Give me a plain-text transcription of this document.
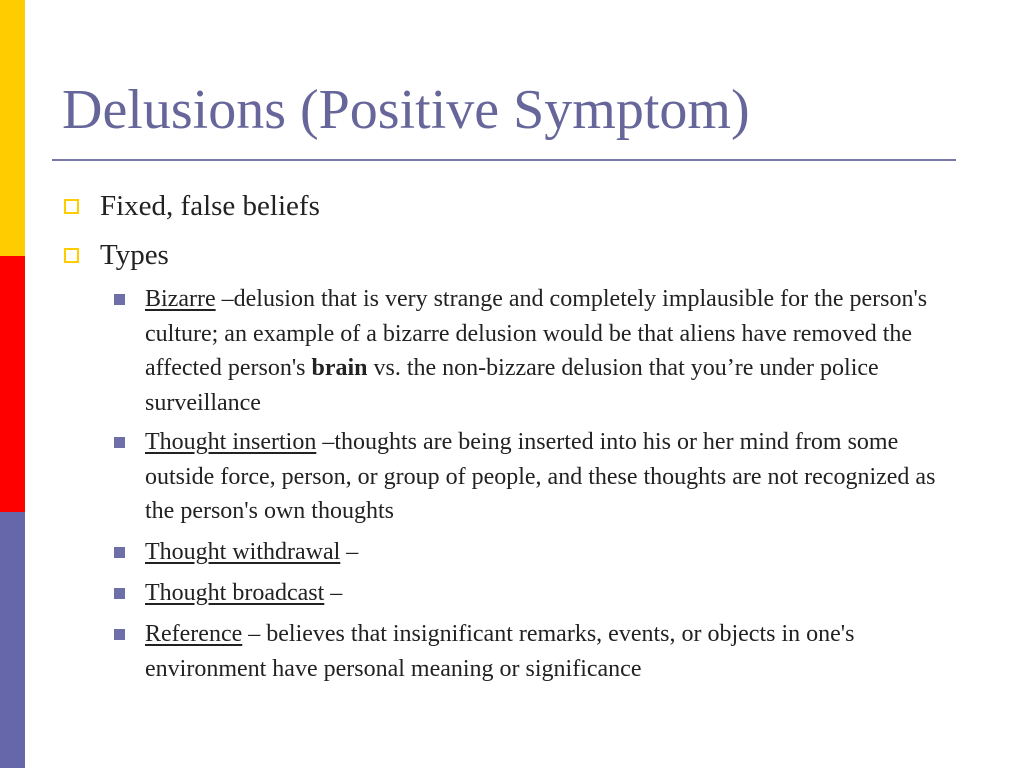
Delusions (Positive Symptom)
Fixed, false beliefs
Types
Bizarre –delusion that is very strange and completely implausible for the person's culture; an example of a bizarre delusion would be that aliens have removed the affected person's brain vs. the non-bizzare delusion that you’re under police surveillance
Thought insertion –thoughts are being inserted into his or her mind from some outside force, person, or group of people, and these thoughts are not recognized as the person's own thoughts
Thought withdrawal –
Thought broadcast –
Reference – believes that insignificant remarks, events, or objects in one's environment have personal meaning or significance
